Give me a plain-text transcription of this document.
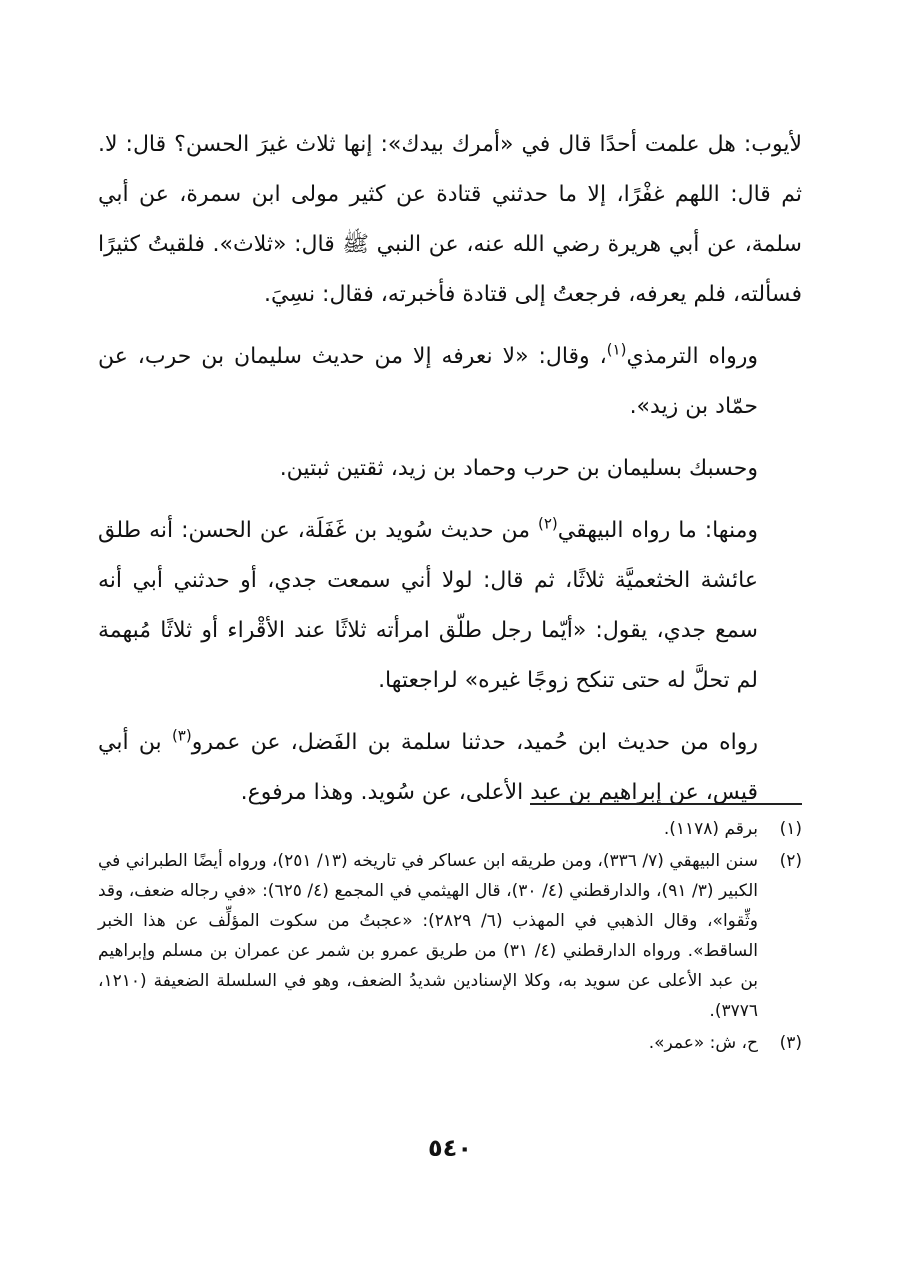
لأيوب: هل علمت أحدًا قال في «أمرك بيدك»: إنها ثلاث غيرَ الحسن؟ قال: لا. ثم قال: اللهم غفْرًا، إلا ما حدثني قتادة عن كثير مولى ابن سمرة، عن أبي سلمة، عن أبي هريرة رضي الله عنه، عن النبي ﷺ قال: «ثلاث». فلقيتُ كثيرًا فسألته، فلم يعرفه، فرجعتُ إلى قتادة فأخبرته، فقال: نسِيَ.

ورواه الترمذي$^{(١)}$، وقال: «لا نعرفه إلا من حديث سليمان بن حرب، عن حمّاد بن زيد».

وحسبك بسليمان بن حرب وحماد بن زيد، ثقتين ثبتين.

ومنها: ما رواه البيهقي$^{(٢)}$ من حديث سُويد بن غَفَلَة، عن الحسن: أنه طلق عائشة الخثعميَّة ثلاثًا، ثم قال: لولا أني سمعت جدي، أو حدثني أبي أنه سمع جدي، يقول: «أيّما رجل طلّق امرأته ثلاثًا عند الأقْراء أو ثلاثًا مُبهمة لم تحلَّ له حتى تنكح زوجًا غيره» لراجعتها.

رواه من حديث ابن حُميد، حدثنا سلمة بن الفَضل، عن عمرو$^{(٣)}$ بن أبي قيس، عن إبراهيم بن عبد الأعلى، عن سُويد. وهذا مرفوع.

(١)
برقم (١١٧٨).
(٢)
سنن البيهقي (٧/ ٣٣٦)، ومن طريقه ابن عساكر في تاريخه (١٣/ ٢٥١)، ورواه أيضًا الطبراني في الكبير (٣/ ٩١)، والدارقطني (٤/ ٣٠)، قال الهيثمي في المجمع (٤/ ٦٢٥): «في رجاله ضعف، وقد وثِّقوا»، وقال الذهبي في المهذب (٦/ ٢٨٢٩): «عجبتُ من سكوت المؤلِّف عن هذا الخبر الساقط». ورواه الدارقطني (٤/ ٣١) من طريق عمرو بن شمر عن عمران بن مسلم وإبراهيم بن عبد الأعلى عن سويد به، وكلا الإسنادين شديدُ الضعف، وهو في السلسلة الضعيفة (١٢١٠، ٣٧٧٦).
(٣)
ح، ش: «عمر».
٥٤٠
